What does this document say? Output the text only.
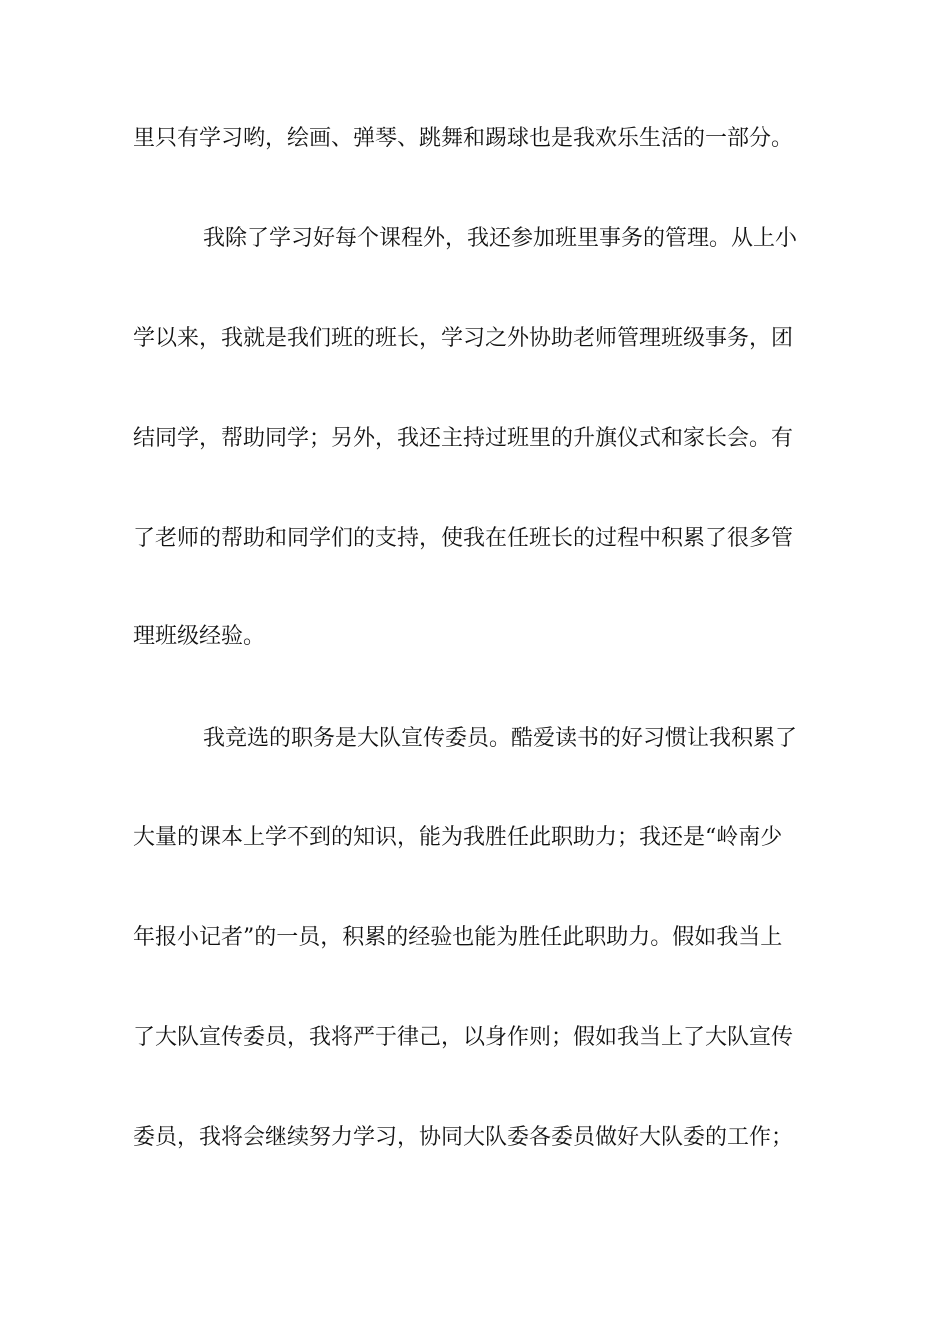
里只有学习哟，绘画、弹琴、跳舞和踢球也是我欢乐生活的一部分。
我除了学习好每个课程外，我还参加班里事务的管理。从上小
学以来，我就是我们班的班长，学习之外协助老师管理班级事务，团
结同学，帮助同学；另外，我还主持过班里的升旗仪式和家长会。有
了老师的帮助和同学们的支持，使我在任班长的过程中积累了很多管
理班级经验。
我竞选的职务是大队宣传委员。酷爱读书的好习惯让我积累了
大量的课本上学不到的知识，能为我胜任此职助力；我还是“岭南少
年报小记者”的一员，积累的经验也能为胜任此职助力。假如我当上
了大队宣传委员，我将严于律己，以身作则；假如我当上了大队宣传
委员，我将会继续努力学习，协同大队委各委员做好大队委的工作；
